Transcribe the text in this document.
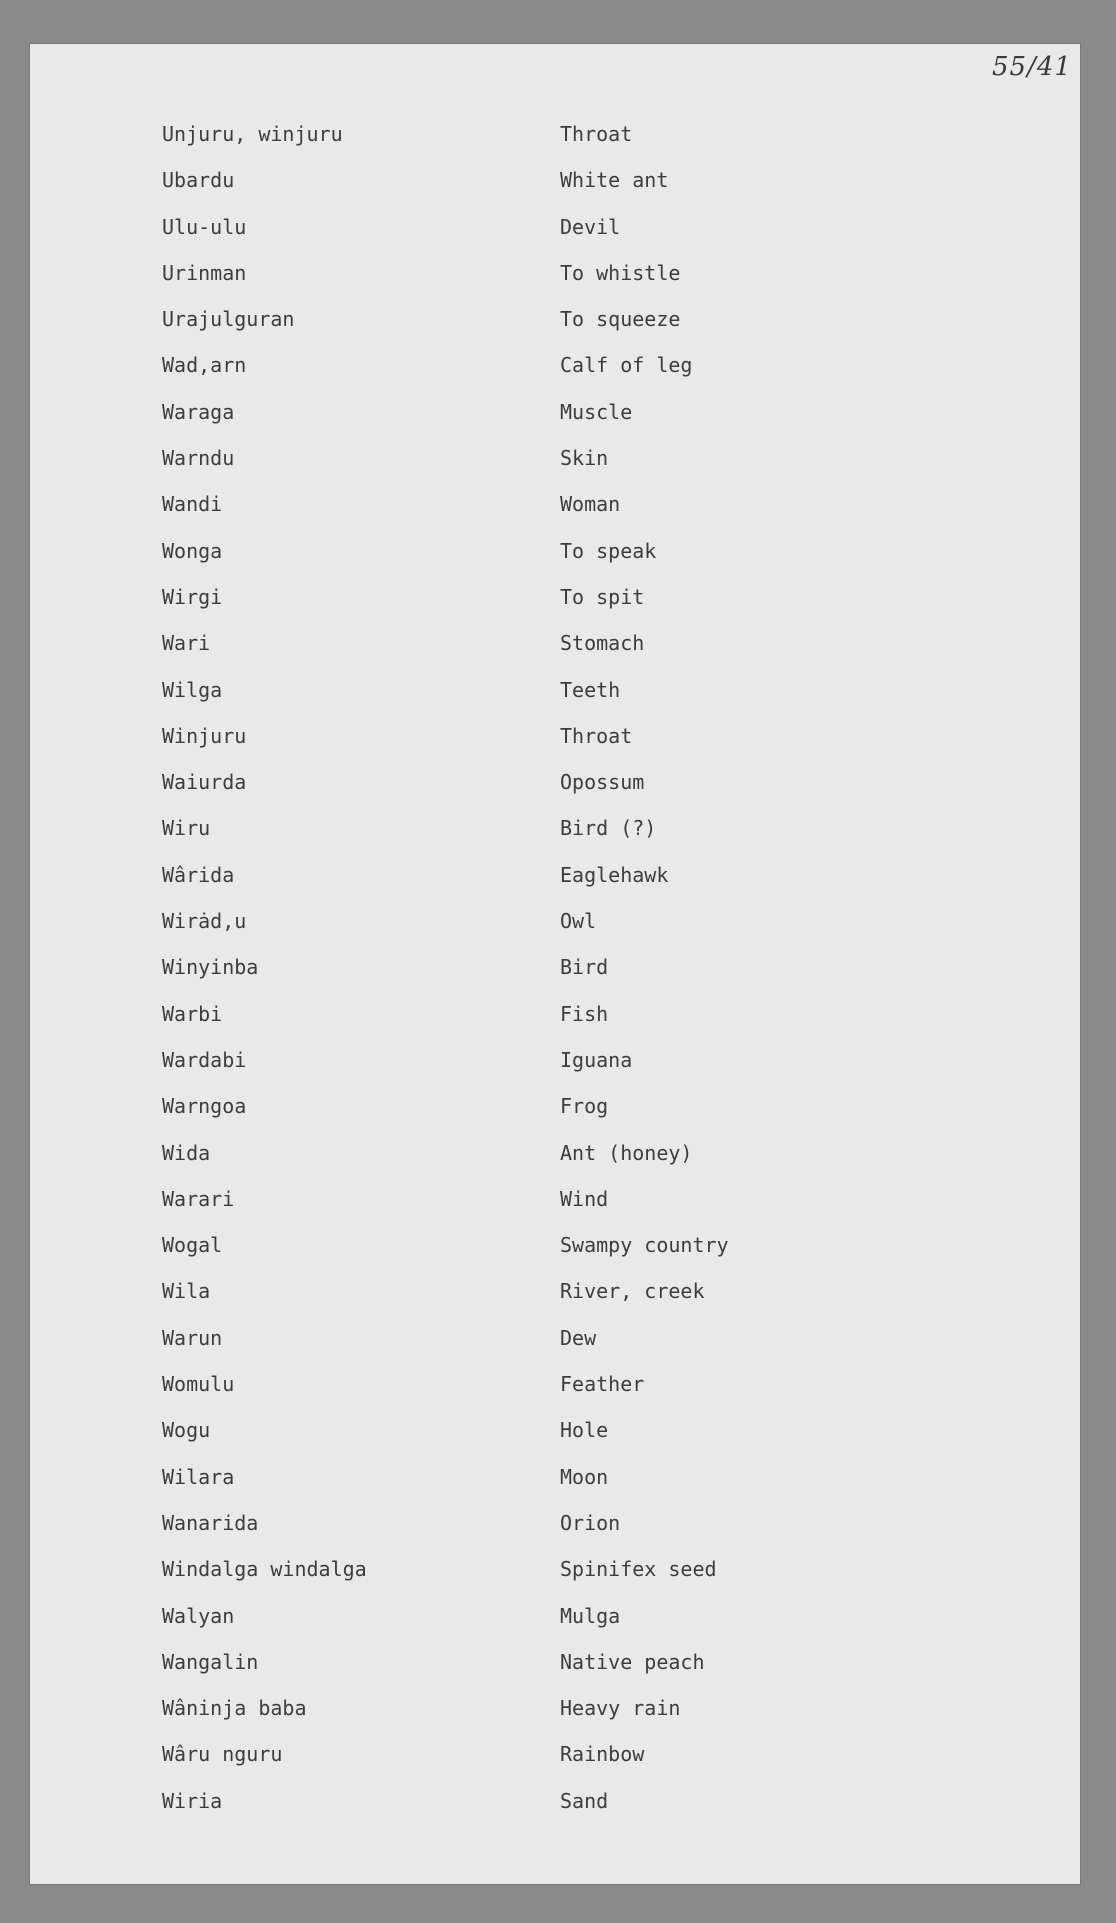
55/41
Unjuru, winjuru	Throat
Ubardu	White ant
Ulu-ulu	Devil
Urinman	To whistle
Urajulguran	To squeeze
Wad,arn	Calf of leg
Waraga	Muscle
Warndu	Skin
Wandi	Woman
Wonga	To speak
Wirgi	To spit
Wari	Stomach
Wilga	Teeth
Winjuru	Throat
Waiurda	Opossum
Wiru	Bird (?)
Wârida	Eaglehawk
Wirȧd,u	Owl
Winyinba	Bird
Warbi	Fish
Wardabi	Iguana
Warngoa	Frog
Wida	Ant (honey)
Warari	Wind
Wogal	Swampy country
Wila	River, creek
Warun	Dew
Womulu	Feather
Wogu	Hole
Wilara	Moon
Wanarida	Orion
Windalga windalga	Spinifex seed
Walyan	Mulga
Wangalin	Native peach
Wâninja baba	Heavy rain
Wâru nguru	Rainbow
Wiria	Sand
